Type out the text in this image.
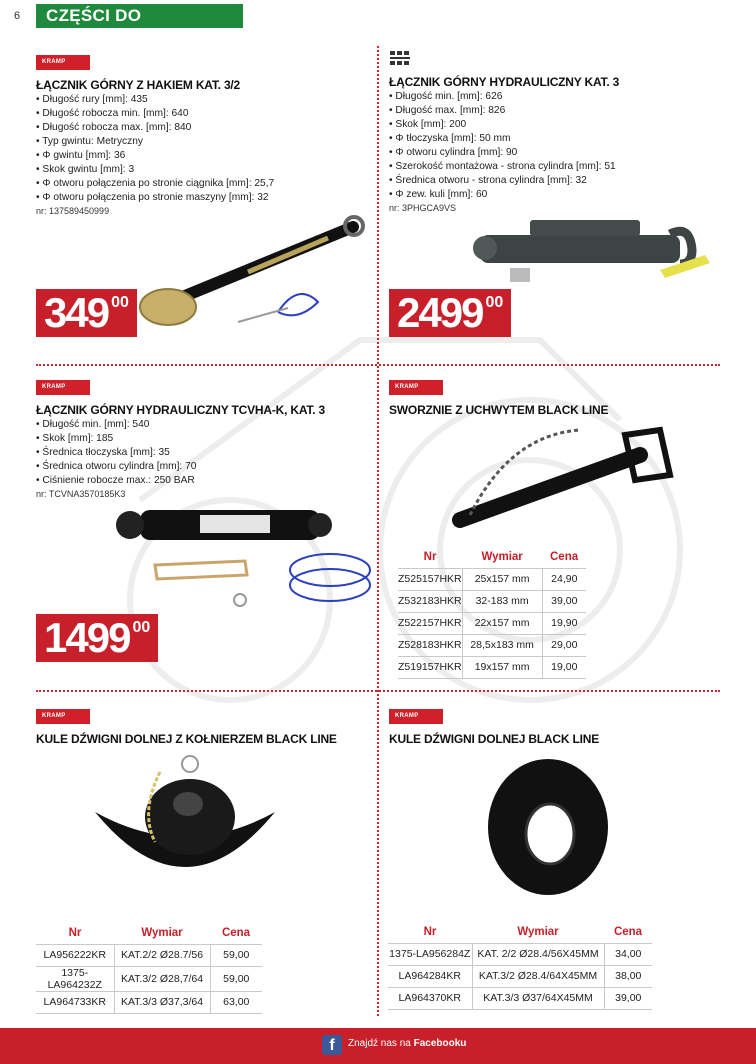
6	CZĘŚCI DO CIĄGNIKÓW
KRAMP
ŁĄCZNIK GÓRNY Z HAKIEM KAT. 3/2
• Długość rury [mm]: 435
• Długość robocza min. [mm]: 640
• Długość robocza max. [mm]: 840
• Typ gwintu: Metryczny
• Φ gwintu [mm]: 36
• Skok gwintu [mm]: 3
• Φ otworu połączenia po stronie ciągnika [mm]: 25,7
• Φ otworu połączenia po stronie maszyny [mm]: 32
nr: 137589450999
349 $^{00}$
ŁĄCZNIK GÓRNY HYDRAULICZNY KAT. 3
• Długość min. [mm]: 626
• Długość max. [mm]: 826
• Skok [mm]: 200
• Φ tłoczyska [mm]: 50 mm
• Φ otworu cylindra [mm]: 90
• Szerokość montażowa - strona cylindra [mm]: 51
• Średnica otworu - strona cylindra [mm]: 32
• Φ zew. kuli [mm]: 60
nr: 3PHGCA9VS
2499 $^{00}$
KRAMP
ŁĄCZNIK GÓRNY HYDRAULICZNY TCVHA-K, KAT. 3
• Długość min. [mm]: 540
• Skok [mm]: 185
• Średnica tłoczyska [mm]: 35
• Średnica otworu cylindra [mm]: 70
• Ciśnienie robocze max.: 250 BAR
nr: TCVNA3570185K3
1499 $^{00}$
KRAMP
SWORZNIE Z UCHWYTEM BLACK LINE
Nr	Wymiar	Cena
Z525157HKR	25x157 mm	24,90
Z532183HKR	32-183 mm	39,00
Z522157HKR	22x157 mm	19,90
Z528183HKR	28,5x183 mm	29,00
Z519157HKR	19x157 mm	19,00
KRAMP
KULE DŹWIGNI DOLNEJ Z KOŁNIERZEM BLACK LINE
Nr	Wymiar	Cena
LA956222KR	KAT.2/2 Ø28.7/56	59,00
1375-LA964232Z	KAT.3/2 Ø28,7/64	59,00
LA964733KR	KAT.3/3 Ø37,3/64	63,00
KRAMP
KULE DŹWIGNI DOLNEJ BLACK LINE
Nr	Wymiar	Cena
1375-LA956284Z	KAT. 2/2 Ø28.4/56X45MM	34,00
LA964284KR	KAT.3/2 Ø28.4/64X45MM	38,00
LA964370KR	KAT.3/3 Ø37/64X45MM	39,00
f	Znajdź nas na Facebooku
